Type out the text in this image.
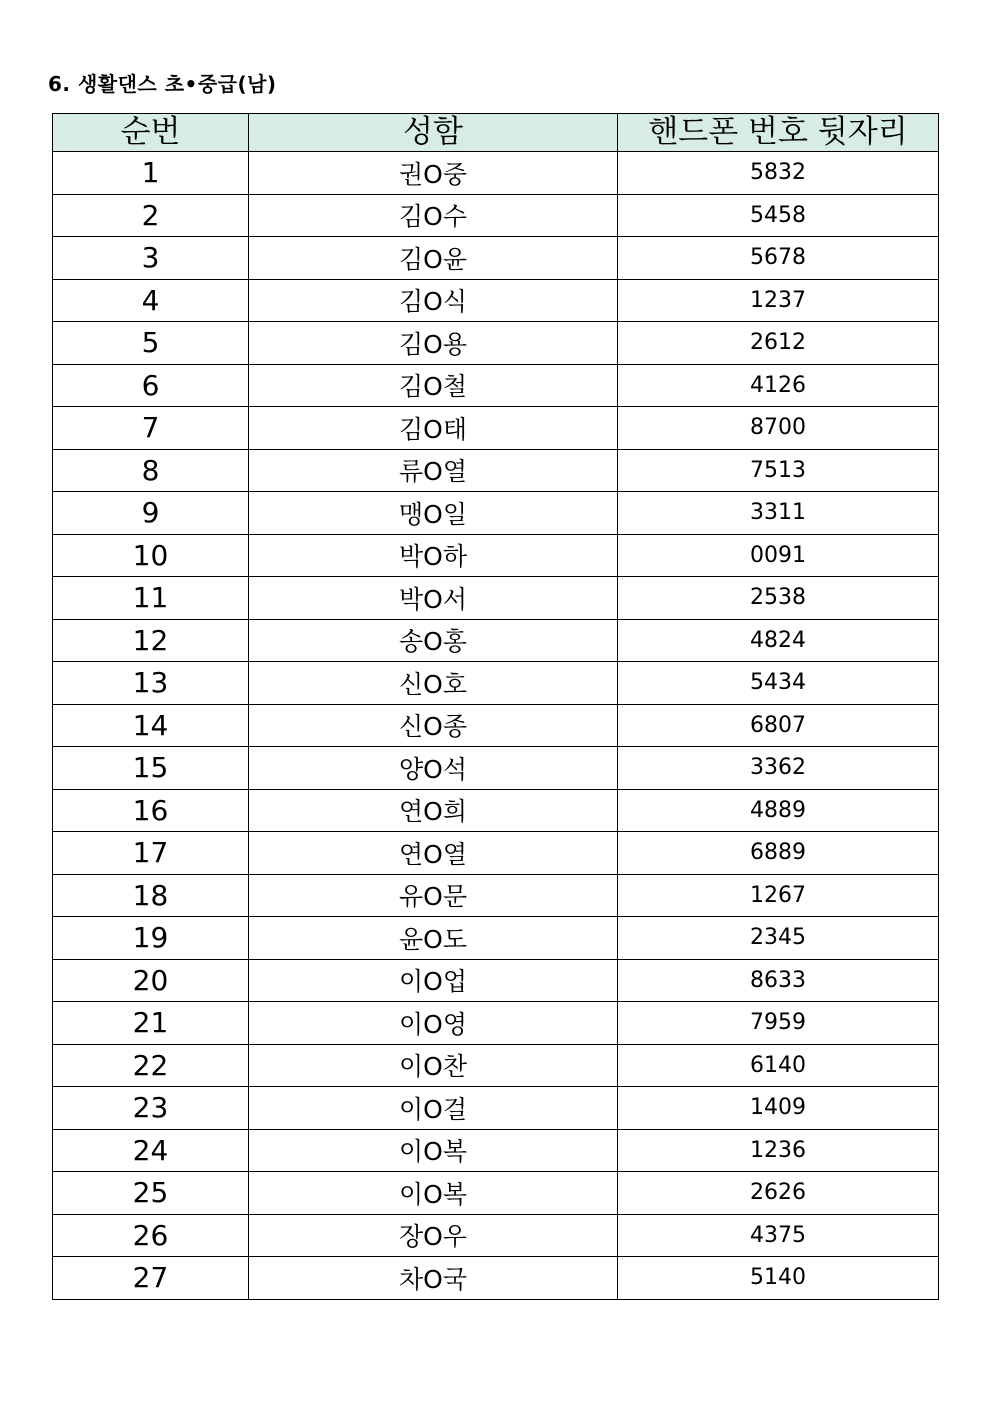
6. 생활댄스 초•중급(남)
순번	성함	핸드폰 번호 뒷자리
1	권O중	5832
2	김O수	5458
3	김O윤	5678
4	김O식	1237
5	김O용	2612
6	김O철	4126
7	김O태	8700
8	류O열	7513
9	맹O일	3311
10	박O하	0091
11	박O서	2538
12	송O홍	4824
13	신O호	5434
14	신O종	6807
15	양O석	3362
16	연O희	4889
17	연O열	6889
18	유O문	1267
19	윤O도	2345
20	이O업	8633
21	이O영	7959
22	이O찬	6140
23	이O걸	1409
24	이O복	1236
25	이O복	2626
26	장O우	4375
27	차O국	5140
